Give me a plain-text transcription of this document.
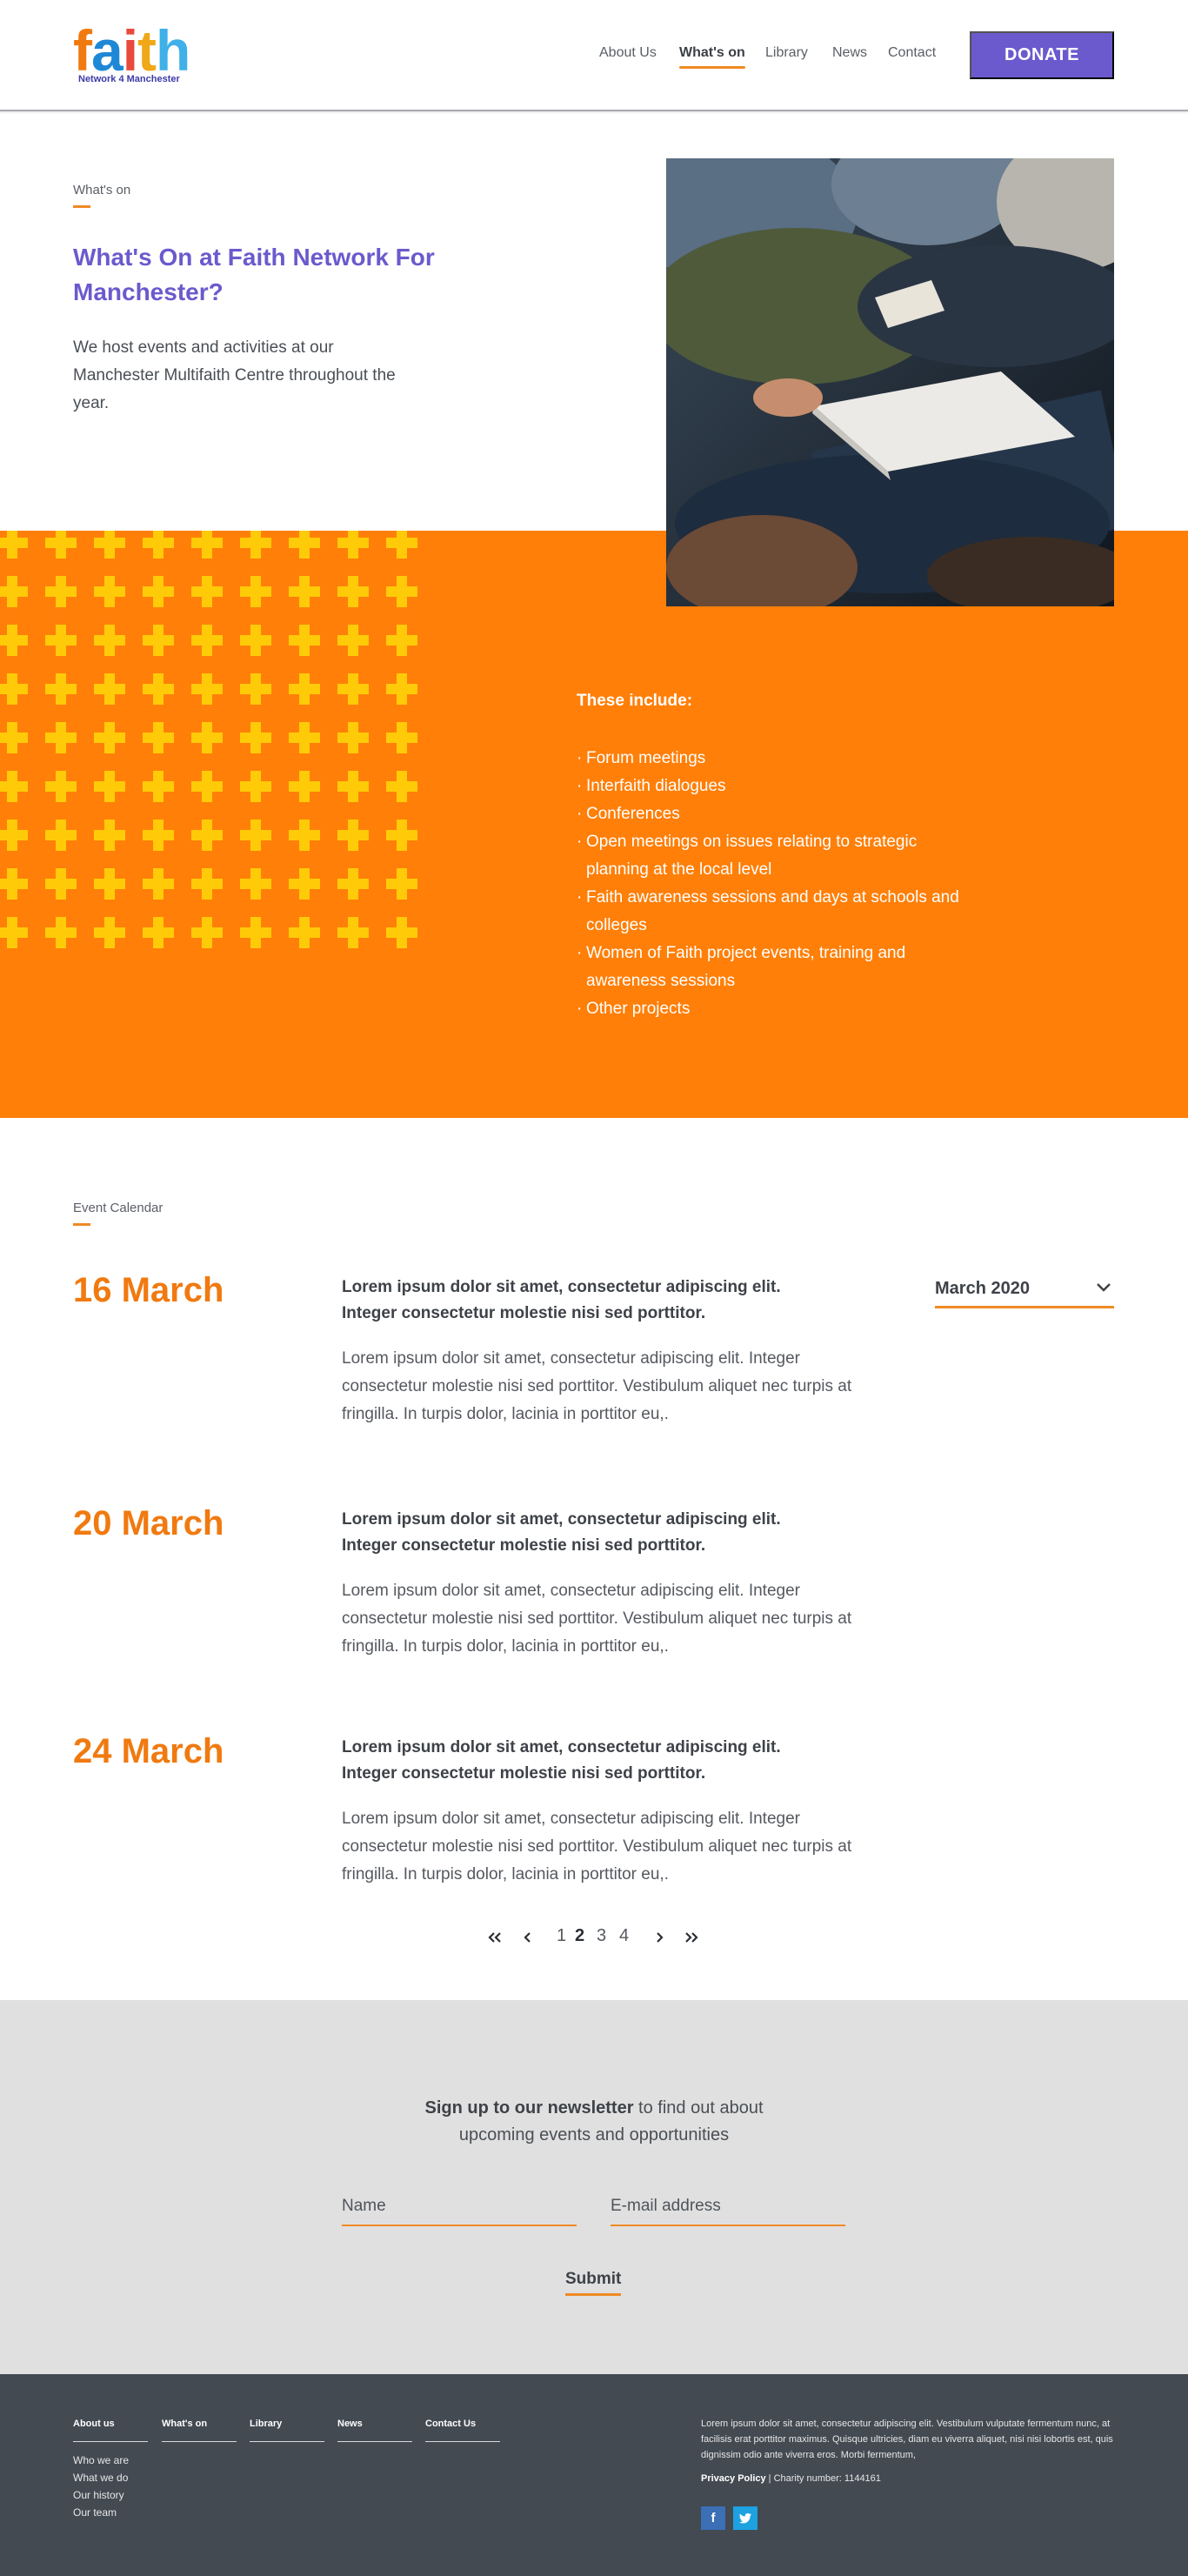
faith
Network 4 Manchester
About Us What's on Library News Contact	DONATE
What's on
What's On at Faith Network For Manchester?

We host events and activities at our Manchester Multifaith Centre throughout the year.

These include:
· Forum meetings
· Interfaith dialogues
· Conferences
· Open meetings on issues relating to strategic planning at the local level
· Faith awareness sessions and days at schools and colleges
· Women of Faith project events, training and awareness sessions
· Other projects
Event Calendar
March 2020
16 March	Lorem ipsum dolor sit amet, consectetur adipiscing elit. Integer consectetur molestie nisi sed porttitor.
Lorem ipsum dolor sit amet, consectetur adipiscing elit. Integer consectetur molestie nisi sed porttitor. Vestibulum aliquet nec turpis at fringilla. In turpis dolor, lacinia in porttitor eu,.
20 March	Lorem ipsum dolor sit amet, consectetur adipiscing elit. Integer consectetur molestie nisi sed porttitor.
Lorem ipsum dolor sit amet, consectetur adipiscing elit. Integer consectetur molestie nisi sed porttitor. Vestibulum aliquet nec turpis at fringilla. In turpis dolor, lacinia in porttitor eu,.
24 March	Lorem ipsum dolor sit amet, consectetur adipiscing elit. Integer consectetur molestie nisi sed porttitor.
Lorem ipsum dolor sit amet, consectetur adipiscing elit. Integer consectetur molestie nisi sed porttitor. Vestibulum aliquet nec turpis at fringilla. In turpis dolor, lacinia in porttitor eu,.
1 2 3 4
Sign up to our newsletter to find out about
upcoming events and opportunities
Name
E-mail address
Submit
About us	What's on	Library	News	Contact Us
Who we are
What we do
Our history
Our team
Lorem ipsum dolor sit amet, consectetur adipiscing elit. Vestibulum vulputate fermentum nunc, at facilisis erat porttitor maximus. Quisque ultricies, diam eu viverra aliquet, nisi nisi lobortis est, quis dignissim odio ante viverra eros. Morbi fermentum,
Privacy Policy | Charity number: 1144161
f
